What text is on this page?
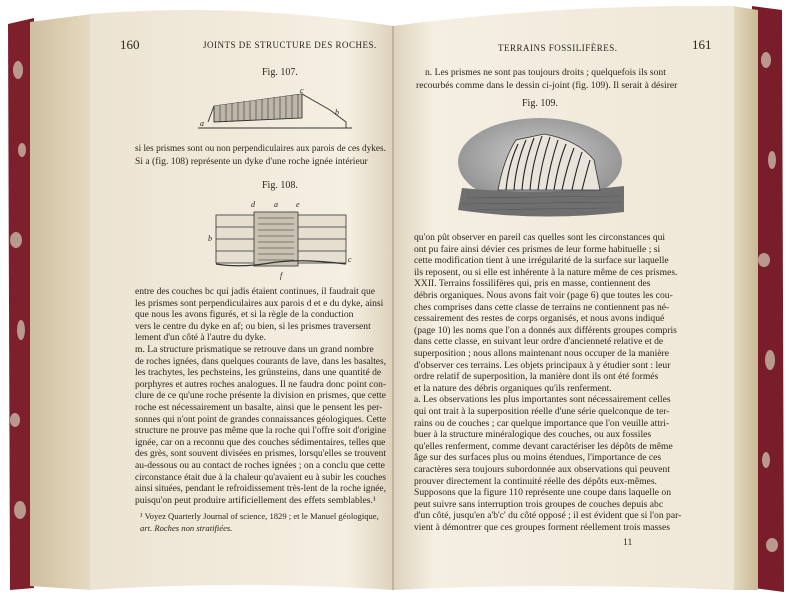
160	JOINTS DE STRUCTURE DES ROCHES.
Fig. 107.
c
a
b
si les prismes sont ou non perpendiculaires aux parois de ces dykes.
Si a (fig. 108) représente un dyke d'une roche ignée intérieur
Fig. 108.
d a e
b
c
f
entre des couches bc qui jadis étaient continues, il faudrait que
les prismes sont perpendiculaires aux parois d et e du dyke, ainsi
que nous les avons figurés, et si la règle de la conduction
vers le centre du dyke en af; ou bien, si les prismes traversent
lement d'un côté à l'autre du dyke.
m. La structure prismatique se retrouve dans un grand nombre
de roches ignées, dans quelques courants de lave, dans les basaltes,
les trachytes, les pechsteins, les grünsteins, dans une quantité de
porphyres et autres roches analogues. Il ne faudra donc point con-
clure de ce qu'une roche présente la division en prismes, que cette
roche est nécessairement un basalte, ainsi que le pensent les per-
sonnes qui n'ont point de grandes connaissances géologiques. Cette
structure ne prouve pas même que la roche qui l'offre soit d'origine
ignée, car on a reconnu que des couches sédimentaires, telles que
des grès, sont souvent divisées en prismes, lorsqu'elles se trouvent
au-dessous ou au contact de roches ignées ; on a conclu que cette
circonstance était due à la chaleur qu'avaient eu à subir les couches
ainsi situées, pendant le refroidissement très-lent de la roche ignée,
puisqu'on peut produire artificiellement des effets semblables.¹
¹ Voyez Quarterly Journal of science, 1829 ; et le Manuel géologique,
art. Roches non stratifiées.
TERRAINS FOSSILIFÈRES.	161
n. Les prismes ne sont pas toujours droits ; quelquefois ils sont
recourbés comme dans le dessin ci-joint (fig. 109). Il serait à désirer
Fig. 109.
qu'on pût observer en pareil cas quelles sont les circonstances qui
ont pu faire ainsi dévier ces prismes de leur forme habituelle ; si
cette modification tient à une irrégularité de la surface sur laquelle
ils reposent, ou si elle est inhérente à la nature même de ces prismes.
XXII. Terrains fossilifères qui, pris en masse, contiennent des
débris organiques. Nous avons fait voir (page 6) que toutes les cou-
ches comprises dans cette classe de terrains ne contiennent pas né-
cessairement des restes de corps organisés, et nous avons indiqué
(page 10) les noms que l'on a donnés aux différents groupes compris
dans cette classe, en suivant leur ordre d'ancienneté relative et de
superposition ; nous allons maintenant nous occuper de la manière
d'observer ces terrains. Les objets principaux à y étudier sont : leur
ordre relatif de superposition, la manière dont ils ont été formés
et la nature des débris organiques qu'ils renferment.
a. Les observations les plus importantes sont nécessairement celles
qui ont trait à la superposition réelle d'une série quelconque de ter-
rains ou de couches ; car quelque importance que l'on veuille attri-
buer à la structure minéralogique des couches, ou aux fossiles
qu'elles renferment, comme devant caractériser les dépôts de même
âge sur des surfaces plus ou moins étendues, l'importance de ces
caractères sera toujours subordonnée aux observations qui peuvent
prouver directement la continuité réelle des dépôts eux-mêmes.
Supposons que la figure 110 représente une coupe dans laquelle on
peut suivre sans interruption trois groupes de couches depuis abc
d'un côté, jusqu'en a'b'c' du côté opposé ; il est évident que si l'on par-
vient à démontrer que ces groupes forment réellement trois masses
11
